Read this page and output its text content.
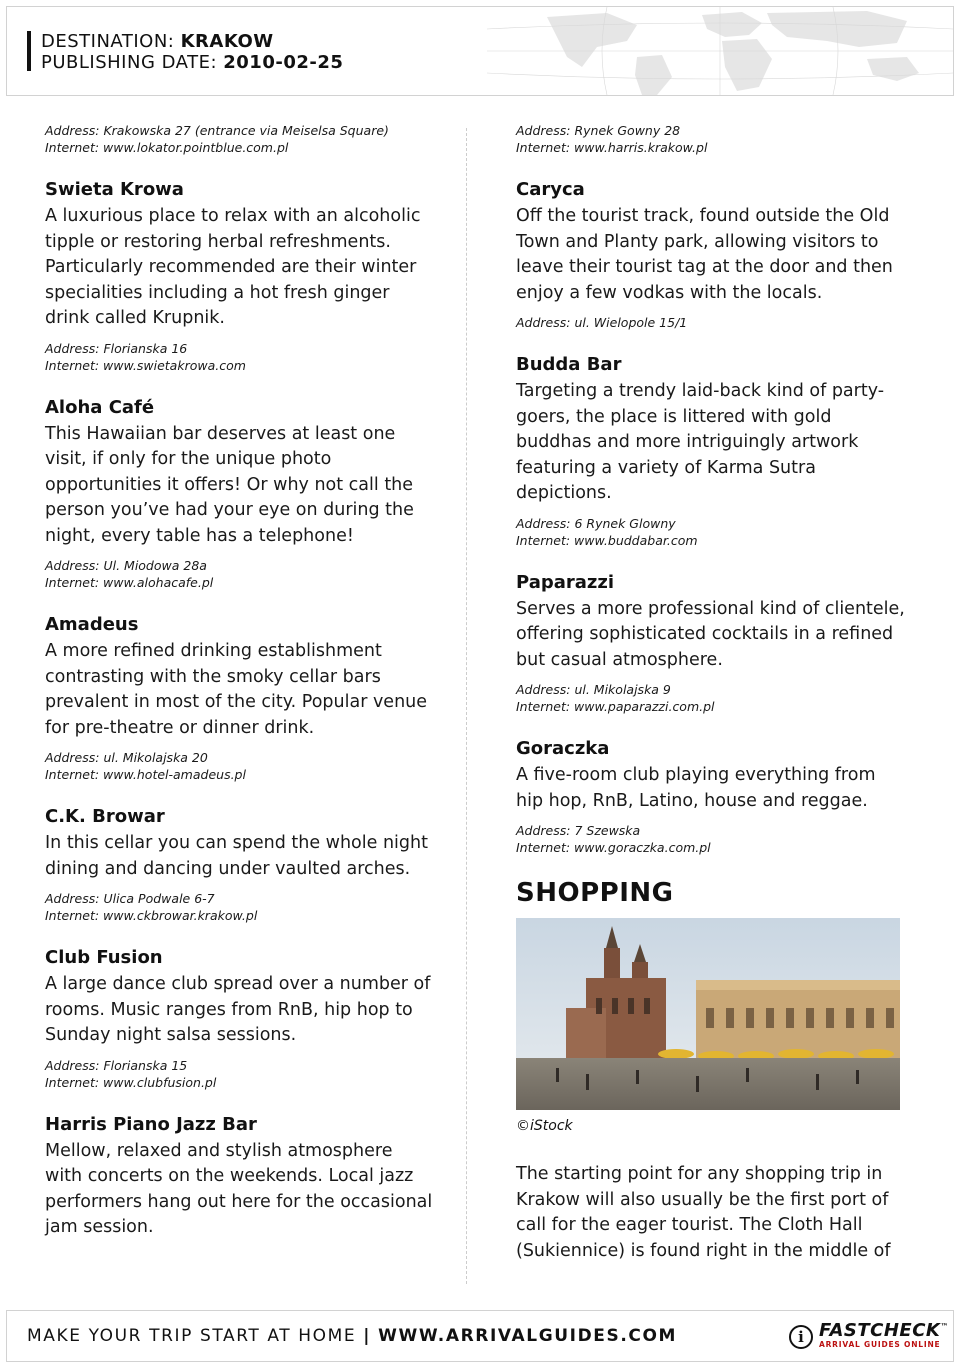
DESTINATION: KRAKOW
PUBLISHING DATE: 2010-02-25
Address: Krakowska 27 (entrance via Meiselsa Square)
Internet: www.lokator.pointblue.com.pl
Swieta Krowa
A luxurious place to relax with an alcoholic tipple or restoring herbal refreshments. Particularly recommended are their winter specialities including a hot fresh ginger drink called Krupnik.
Address: Florianska 16
Internet: www.swietakrowa.com
Aloha Café
This Hawaiian bar deserves at least one visit, if only for the unique photo opportunities it offers! Or why not call the person you’ve had your eye on during the night, every table has a telephone!
Address: Ul. Miodowa 28a
Internet: www.alohacafe.pl
Amadeus
A more refined drinking establishment contrasting with the smoky cellar bars prevalent in most of the city. Popular venue for pre-theatre or dinner drink.
Address: ul. Mikolajska 20
Internet: www.hotel-amadeus.pl
C.K. Browar
In this cellar you can spend the whole night dining and dancing under vaulted arches.
Address: Ulica Podwale 6-7
Internet: www.ckbrowar.krakow.pl
Club Fusion
A large dance club spread over a number of rooms. Music ranges from RnB, hip hop to Sunday night salsa sessions.
Address: Florianska 15
Internet: www.clubfusion.pl
Harris Piano Jazz Bar
Mellow, relaxed and stylish atmosphere with concerts on the weekends. Local jazz performers hang out here for the occasional jam session.
Address: Rynek Gowny 28
Internet: www.harris.krakow.pl
Caryca
Off the tourist track, found outside the Old Town and Planty park, allowing visitors to leave their tourist tag at the door and then enjoy a few vodkas with the locals.
Address: ul. Wielopole 15/1
Budda Bar
Targeting a trendy laid-back kind of party-goers, the place is littered with gold buddhas and more intriguingly artwork featuring a variety of Karma Sutra depictions.
Address: 6 Rynek Glowny
Internet: www.buddabar.com
Paparazzi
Serves a more professional kind of clientele, offering sophisticated cocktails in a refined but casual atmosphere.
Address: ul. Mikolajska 9
Internet: www.paparazzi.com.pl
Goraczka
A five-room club playing everything from hip hop, RnB, Latino, house and reggae.
Address: 7 Szewska
Internet: www.goraczka.com.pl
SHOPPING
©iStock
The starting point for any shopping trip in Krakow will also usually be the first port of call for the eager tourist. The Cloth Hall (Sukiennice) is found right in the middle of
MAKE YOUR TRIP START AT HOME | WWW.ARRIVALGUIDES.COM	i FASTCHECK™
ARRIVAL GUIDES ONLINE
